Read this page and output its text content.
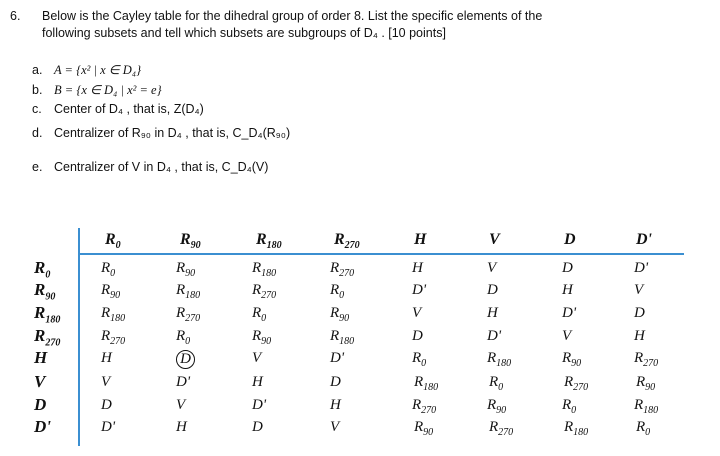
6. Below is the Cayley table for the dihedral group of order 8. List the specific elements of the
following subsets and tell which subsets are subgroups of D₄ . [10 points]
a. A = {x² | x ∈ D₄}
b. B = {x ∈ D₄ | x² = e}
c. Center of D₄ , that is, Z(D₄)
d. Centralizer of R₉₀ in D₄ , that is, C_D₄(R₉₀)
e. Centralizer of V in D₄ , that is, C_D₄(V)
$R_0$	$R_{90}$	$R_{180}$	$R_{270}$	H	V	D	D'
$R_0$	$R_0$	$R_{90}$	$R_{180}$	$R_{270}$	H	V	D	D'
$R_{90}$	$R_{90}$	$R_{180}$	$R_{270}$	$R_0$	D'	D	H	V
$R_{180}$	$R_{180}$	$R_{270}$	$R_0$	$R_{90}$	V	H	D'	D
$R_{270}$	$R_{270}$	$R_0$	$R_{90}$	$R_{180}$	D	D'	V	H
H	H	D	V	D'	$R_0$	$R_{180}$	$R_{90}$	$R_{270}$
V	V	D'	H	D	$R_{180}$	$R_0$	$R_{270}$	$R_{90}$
D	D	V	D'	H	$R_{270}$	$R_{90}$	$R_0$	$R_{180}$
D'	D'	H	D	V	$R_{90}$	$R_{270}$	$R_{180}$	$R_0$
